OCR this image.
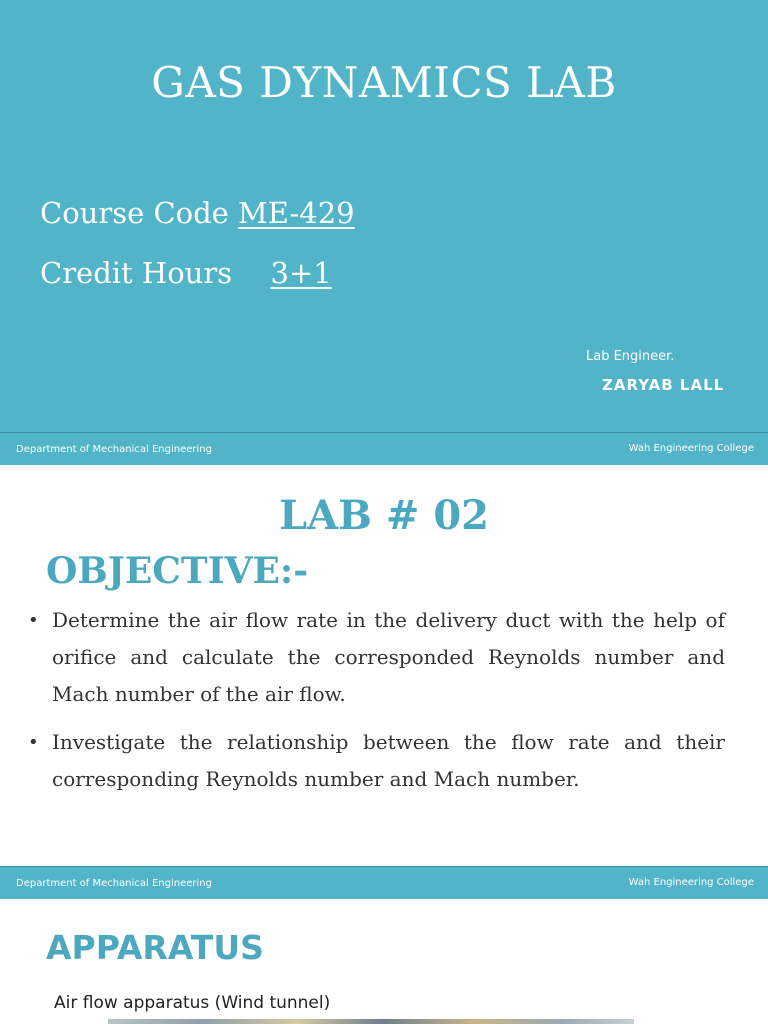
GAS DYNAMICS LAB
Course Code ME-429
Credit Hours 3+1
Lab Engineer.
ZARYAB LALL
Department of Mechanical Engineering	Wah Engineering College
LAB # 02
OBJECTIVE:-
• Determine the air flow rate in the delivery duct with the help of orifice and calculate the corresponded Reynolds number and Mach number of the air flow.
• Investigate the relationship between the flow rate and their corresponding Reynolds number and Mach number.
Department of Mechanical Engineering	Wah Engineering College
APPARATUS
Air flow apparatus (Wind tunnel)
